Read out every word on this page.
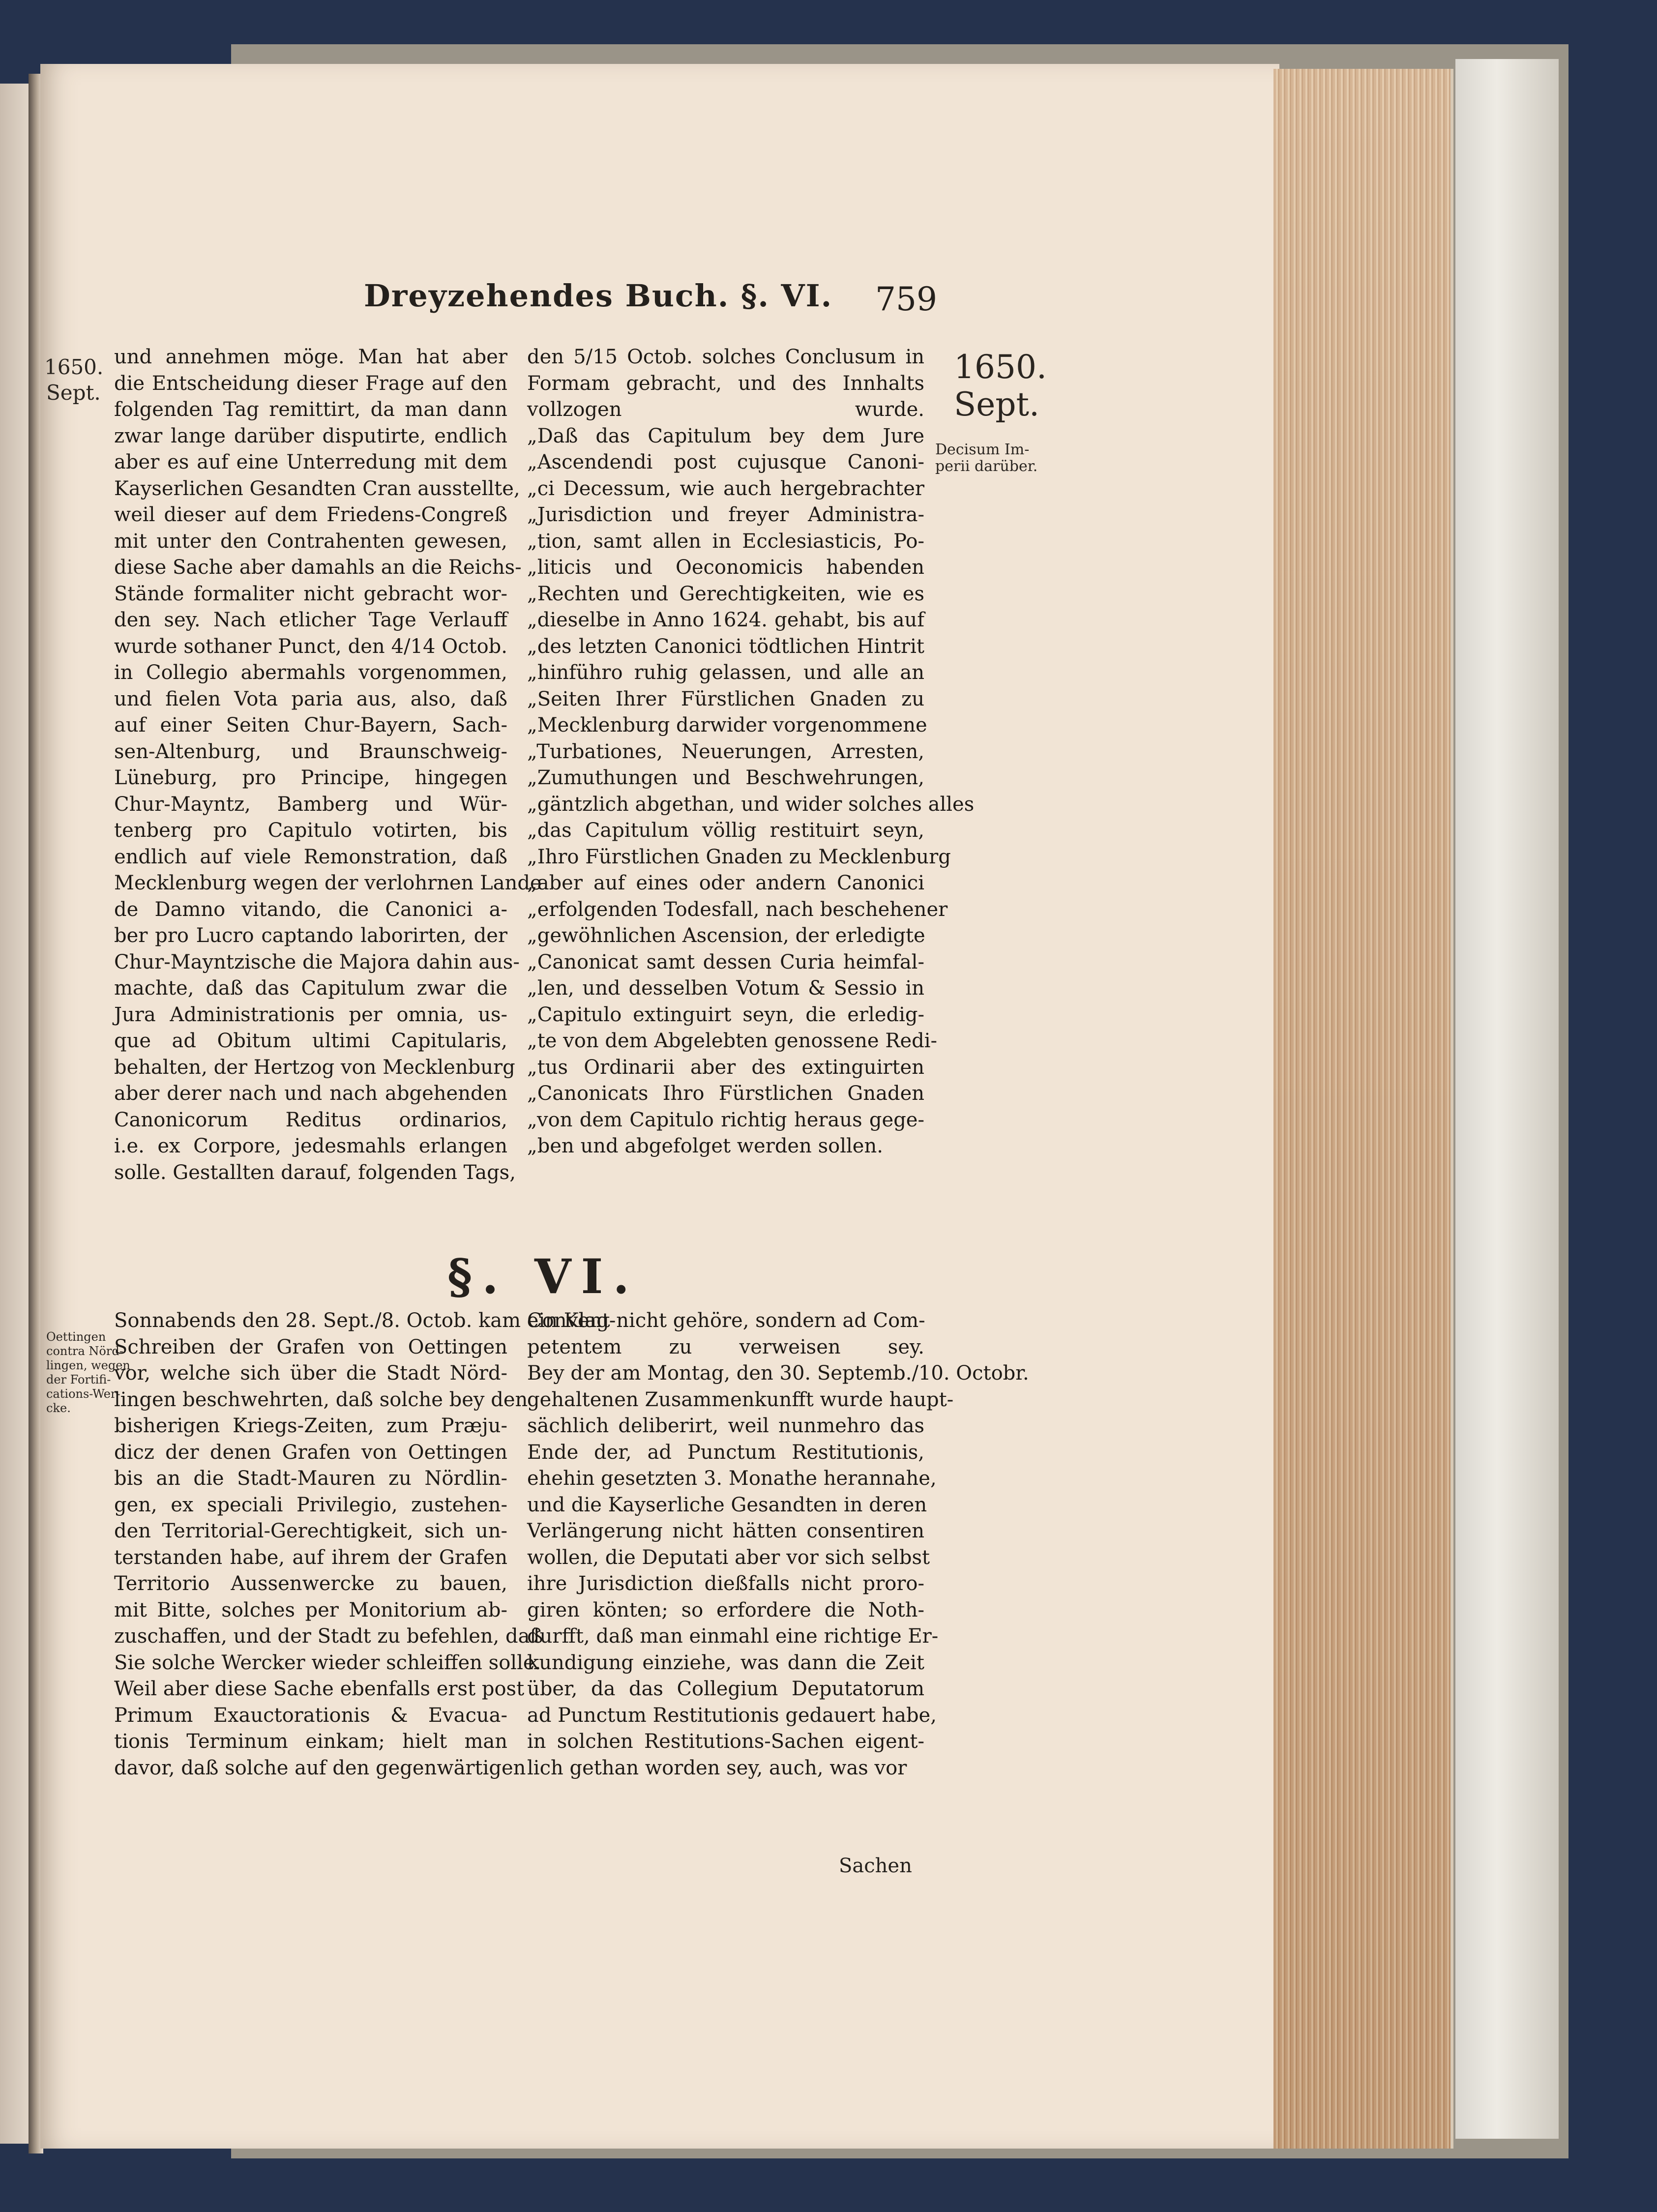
Dreyzehendes Buch. §. VI. 759
1650.
Sept.
1650.
Sept.
Decisum Im-
perii darüber.
Oettingen
contra Nörd-
lingen, wegen
der Fortifi-
cations-Wer-
cke.
und annehmen möge. Man hat aber
die Entscheidung dieser Frage auf den
folgenden Tag remittirt, da man dann
zwar lange darüber disputirte, endlich
aber es auf eine Unterredung mit dem
Kayserlichen Gesandten Cran ausstellte,
weil dieser auf dem Friedens-Congreß
mit unter den Contrahenten gewesen,
diese Sache aber damahls an die Reichs-
Stände formaliter nicht gebracht wor-
den sey. Nach etlicher Tage Verlauff
wurde sothaner Punct, den 4/14 Octob.
in Collegio abermahls vorgenommen,
und fielen Vota paria aus, also, daß
auf einer Seiten Chur-Bayern, Sach-
sen-Altenburg, und Braunschweig-
Lüneburg, pro Principe, hingegen
Chur-Mayntz, Bamberg und Wür-
tenberg pro Capitulo votirten, bis
endlich auf viele Remonstration, daß
Mecklenburg wegen der verlohrnen Lande
de Damno vitando, die Canonici a-
ber pro Lucro captando laborirten, der
Chur-Mayntzische die Majora dahin aus-
machte, daß das Capitulum zwar die
Jura Administrationis per omnia, us-
que ad Obitum ultimi Capitularis,
behalten, der Hertzog von Mecklenburg
aber derer nach und nach abgehenden
Canonicorum Reditus ordinarios,
i.e. ex Corpore, jedesmahls erlangen
solle. Gestallten darauf, folgenden Tags,
den 5/15 Octob. solches Conclusum in
Formam gebracht, und des Innhalts
vollzogen wurde.
„Daß das Capitulum bey dem Jure
„Ascendendi post cujusque Canoni-
„ci Decessum, wie auch hergebrachter
„Jurisdiction und freyer Administra-
„tion, samt allen in Ecclesiasticis, Po-
„liticis und Oeconomicis habenden
„Rechten und Gerechtigkeiten, wie es
„dieselbe in Anno 1624. gehabt, bis auf
„des letzten Canonici tödtlichen Hintrit
„hinführo ruhig gelassen, und alle an
„Seiten Ihrer Fürstlichen Gnaden zu
„Mecklenburg darwider vorgenommene
„Turbationes, Neuerungen, Arresten,
„Zumuthungen und Beschwehrungen,
„gäntzlich abgethan, und wider solches alles
„das Capitulum völlig restituirt seyn,
„Ihro Fürstlichen Gnaden zu Mecklenburg
„aber auf eines oder andern Canonici
„erfolgenden Todesfall, nach beschehener
„gewöhnlichen Ascension, der erledigte
„Canonicat samt dessen Curia heimfal-
„len, und desselben Votum & Sessio in
„Capitulo extinguirt seyn, die erledig-
„te von dem Abgelebten genossene Redi-
„tus Ordinarii aber des extinguirten
„Canonicats Ihro Fürstlichen Gnaden
„von dem Capitulo richtig heraus gege-
„ben und abgefolget werden sollen.
§. VI.
Sonnabends den 28. Sept./8. Octob. kam ein Klag-
Schreiben der Grafen von Oettingen
vor, welche sich über die Stadt Nörd-
lingen beschwehrten, daß solche bey den
bisherigen Kriegs-Zeiten, zum Præju-
dicz der denen Grafen von Oettingen
bis an die Stadt-Mauren zu Nördlin-
gen, ex speciali Privilegio, zustehen-
den Territorial-Gerechtigkeit, sich un-
terstanden habe, auf ihrem der Grafen
Territorio Aussenwercke zu bauen,
mit Bitte, solches per Monitorium ab-
zuschaffen, und der Stadt zu befehlen, daß
Sie solche Wercker wieder schleiffen solle.
Weil aber diese Sache ebenfalls erst post
Primum Exauctorationis & Evacua-
tionis Terminum einkam; hielt man
davor, daß solche auf den gegenwärtigen
Convent nicht gehöre, sondern ad Com-
petentem zu verweisen sey.
Bey der am Montag, den 30. Septemb./10. Octobr.
gehaltenen Zusammenkunfft wurde haupt-
sächlich deliberirt, weil nunmehro das
Ende der, ad Punctum Restitutionis,
ehehin gesetzten 3. Monathe herannahe,
und die Kayserliche Gesandten in deren
Verlängerung nicht hätten consentiren
wollen, die Deputati aber vor sich selbst
ihre Jurisdiction dießfalls nicht proro-
giren könten; so erfordere die Noth-
durfft, daß man einmahl eine richtige Er-
kundigung einziehe, was dann die Zeit
über, da das Collegium Deputatorum
ad Punctum Restitutionis gedauert habe,
in solchen Restitutions-Sachen eigent-
lich gethan worden sey, auch, was vor
Sachen
